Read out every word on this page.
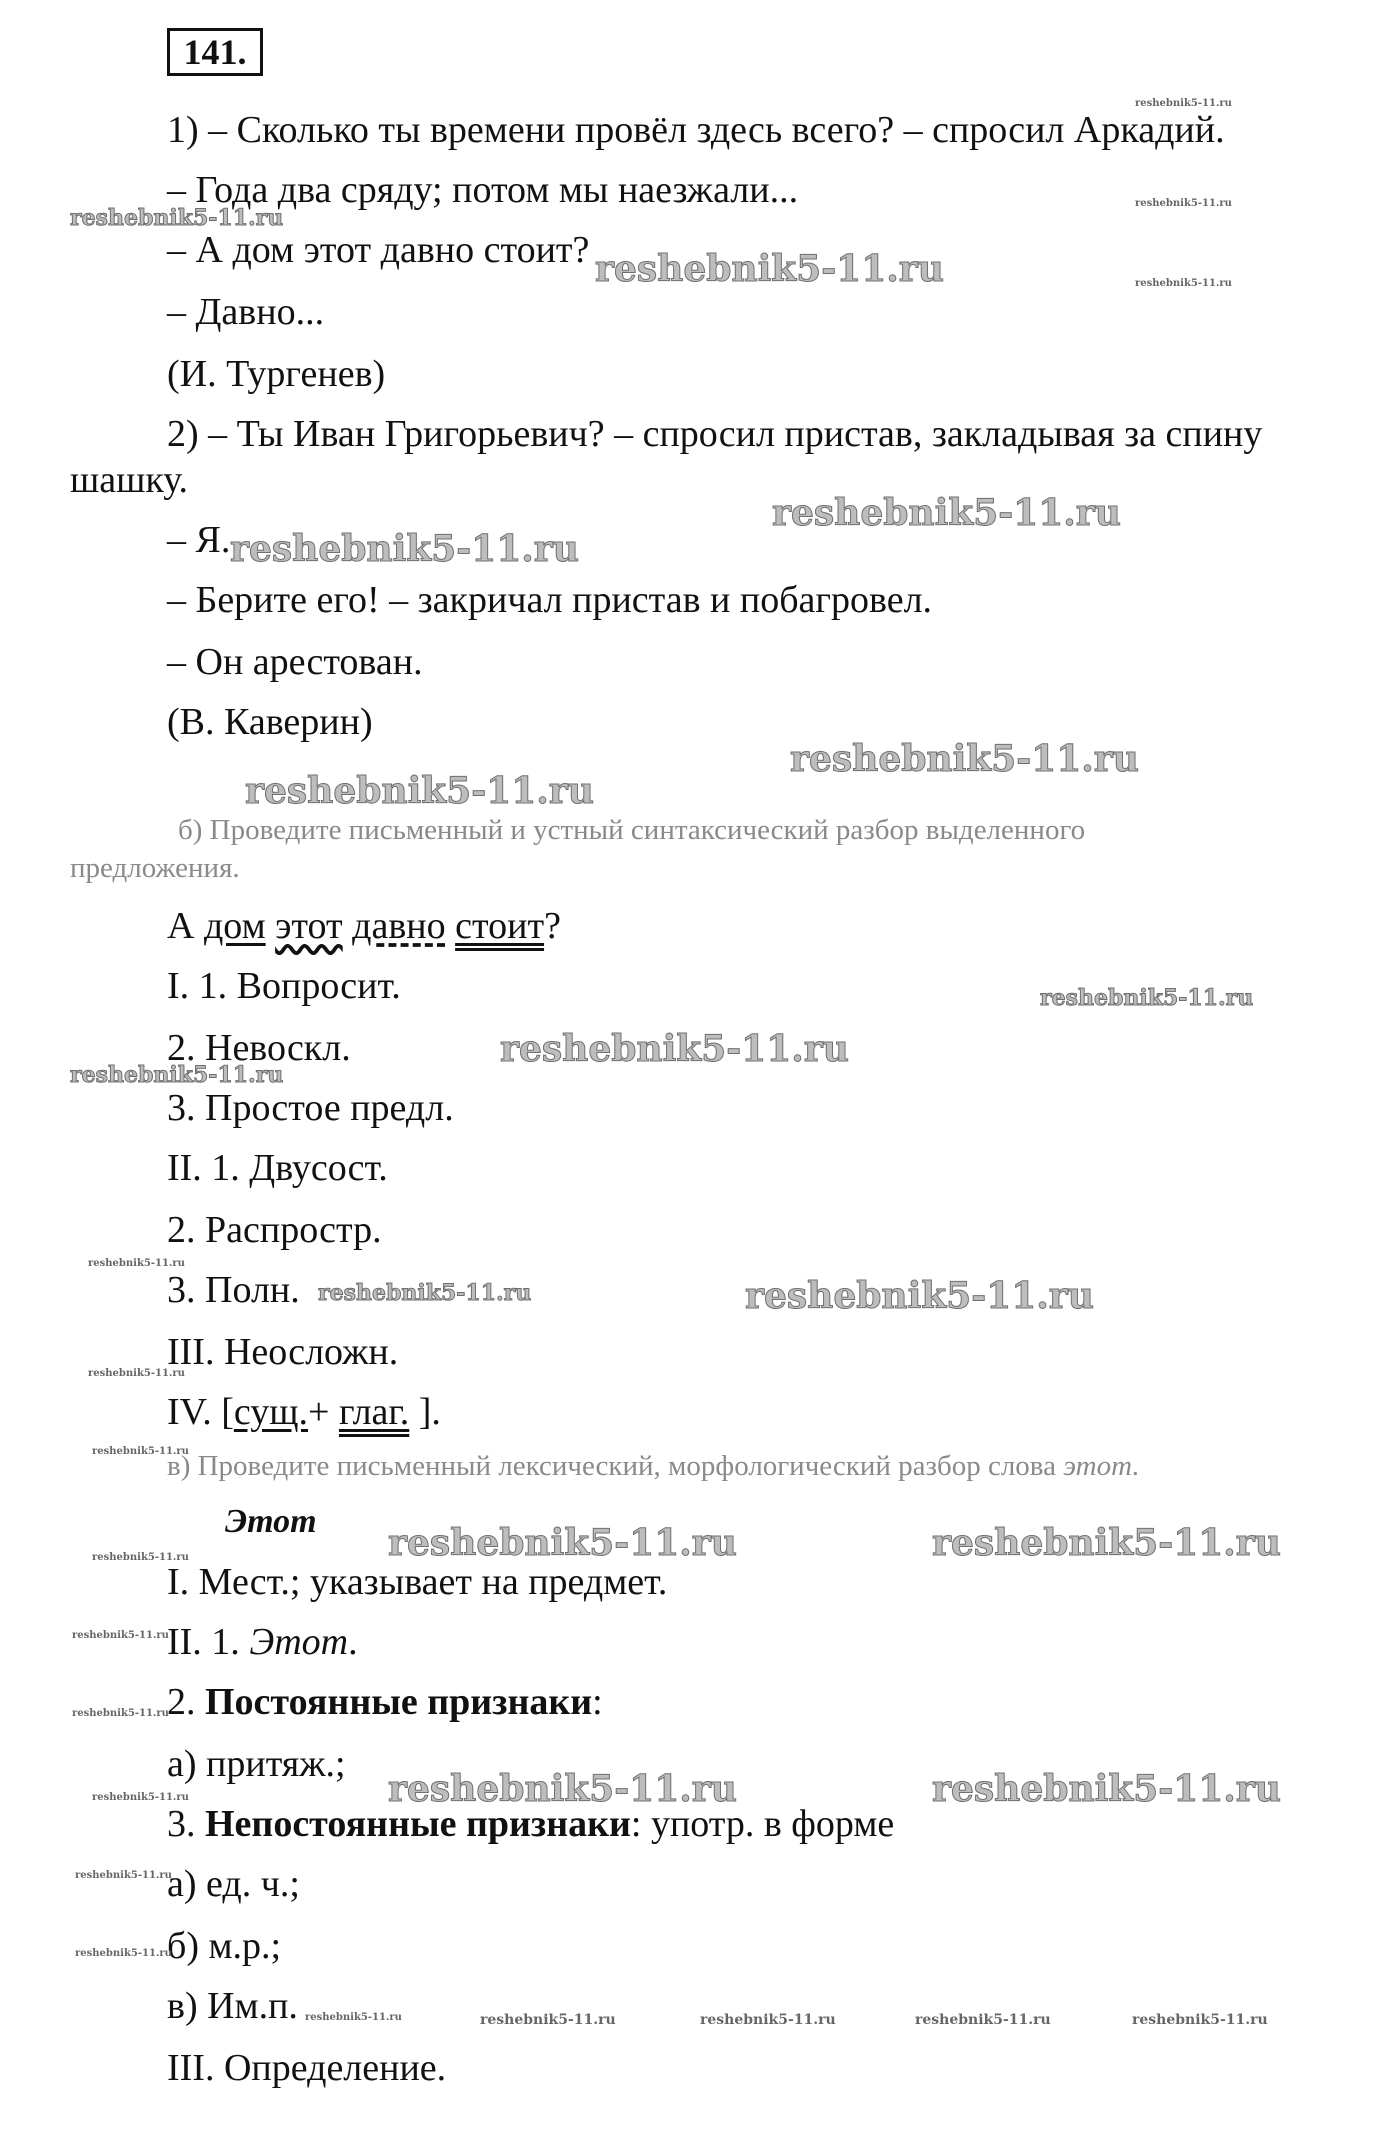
141.
1) – Сколько ты времени провёл здесь всего? – спросил Аркадий.
– Года два сряду; потом мы наезжали...
– А дом этот давно стоит?
– Давно...
(И. Тургенев)
2) – Ты Иван Григорьевич? – спросил пристав, закладывая за спину
шашку.
– Я.
– Берите его! – закричал пристав и побагровел.
– Он арестован.
(В. Каверин)
б) Проведите письменный и устный синтаксический разбор выделенного
предложения.
А дом этот давно стоит?
I. 1. Вопросит.
2. Невоскл.
3. Простое предл.
II. 1. Двусост.
2. Распростр.
3. Полн.
III. Неосложн.
IV. [сущ.+ глаг. ].
в) Проведите письменный лексический, морфологический разбор слова этот.
Этот
I. Мест.; указывает на предмет.
II. 1. Этот.
2. Постоянные признаки:
а) притяж.;
3. Непостоянные признаки: употр. в форме
а) ед. ч.;
б) м.р.;
в) Им.п.
III. Определение.
reshebnik5-11.ru
reshebnik5-11.ru
reshebnik5-11.ru
reshebnik5-11.ru
reshebnik5-11.ru
reshebnik5-11.ru
reshebnik5-11.ru
reshebnik5-11.ru
reshebnik5-11.ru
reshebnik5-11.ru
reshebnik5-11.ru
reshebnik5-11.ru
reshebnik5-11.ru
reshebnik5-11.ru	reshebnik5-11.ru
reshebnik5-11.ru
reshebnik5-11.ru
reshebnik5-11.ru	reshebnik5-11.ru
reshebnik5-11.ru
reshebnik5-11.ru
reshebnik5-11.ru
reshebnik5-11.ru	reshebnik5-11.ru
reshebnik5-11.ru
reshebnik5-11.ru
reshebnik5-11.ru
reshebnik5-11.ru	reshebnik5-11.ru	reshebnik5-11.ru	reshebnik5-11.ru	reshebnik5-11.ru
